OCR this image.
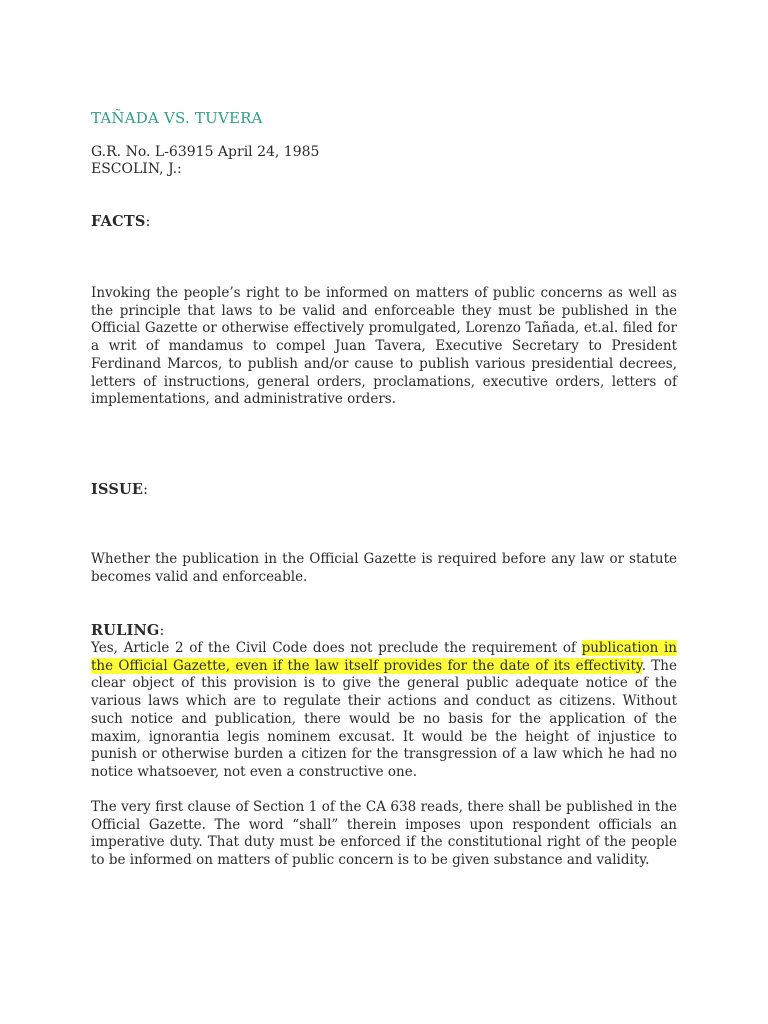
TAÑADA VS. TUVERA
G.R. No. L-63915 April 24, 1985
ESCOLIN, J.:
FACTS:

Invoking the people’s right to be informed on matters of public concerns as well as the principle that laws to be valid and enforceable they must be published in the Official Gazette or otherwise effectively promulgated, Lorenzo Tañada, et.al. filed for a writ of mandamus to compel Juan Tavera, Executive Secretary to President Ferdinand Marcos, to publish and/or cause to publish various presidential decrees, letters of instructions, general orders, proclamations, executive orders, letters of implementations, and administrative orders.

ISSUE:

Whether the publication in the Official Gazette is required before any law or statute becomes valid and enforceable.

RULING:

Yes, Article 2 of the Civil Code does not preclude the requirement of publication in the Official Gazette, even if the law itself provides for the date of its effectivity. The clear object of this provision is to give the general public adequate notice of the various laws which are to regulate their actions and conduct as citizens. Without such notice and publication, there would be no basis for the application of the maxim, ignorantia legis nominem excusat. It would be the height of injustice to punish or otherwise burden a citizen for the transgression of a law which he had no notice whatsoever, not even a constructive one.

The very first clause of Section 1 of the CA 638 reads, there shall be published in the Official Gazette. The word “shall” therein imposes upon respondent officials an imperative duty. That duty must be enforced if the constitutional right of the people to be informed on matters of public concern is to be given substance and validity.
